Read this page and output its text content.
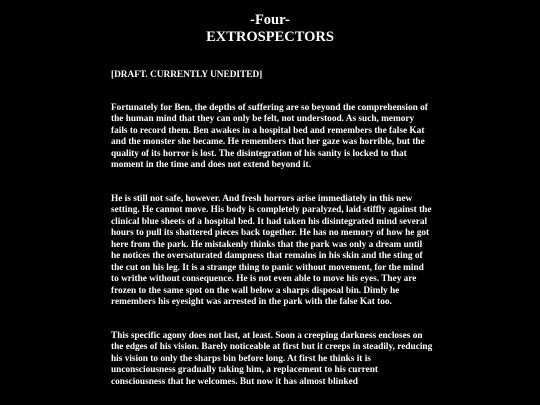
-Four-
EXTROSPECTORS

[DRAFT. CURRENTLY UNEDITED]

Fortunately for Ben, the depths of suffering are so beyond the comprehension of the human mind that they can only be felt, not understood. As such, memory fails to record them. Ben awakes in a hospital bed and remembers the false Kat and the monster she became. He remembers that her gaze was horrible, but the quality of its horror is lost. The disintegration of his sanity is locked to that moment in the time and does not extend beyond it.

He is still not safe, however. And fresh horrors arise immediately in this new setting. He cannot move. His body is completely paralyzed, laid stiffly against the clinical blue sheets of a hospital bed. It had taken his disintegrated mind several hours to pull its shattered pieces back together. He has no memory of how he got here from the park. He mistakenly thinks that the park was only a dream until he notices the oversaturated dampness that remains in his skin and the sting of the cut on his leg. It is a strange thing to panic without movement, for the mind to writhe without consequence. He is not even able to move his eyes. They are frozen to the same spot on the wall below a sharps disposal bin. Dimly he remembers his eyesight was arrested in the park with the false Kat too.

This specific agony does not last, at least. Soon a creeping darkness encloses on the edges of his vision. Barely noticeable at first but it creeps in steadily, reducing his vision to only the sharps bin before long. At first he thinks it is unconsciousness gradually taking him, a replacement to his current consciousness that he welcomes. But now it has almost blinked
